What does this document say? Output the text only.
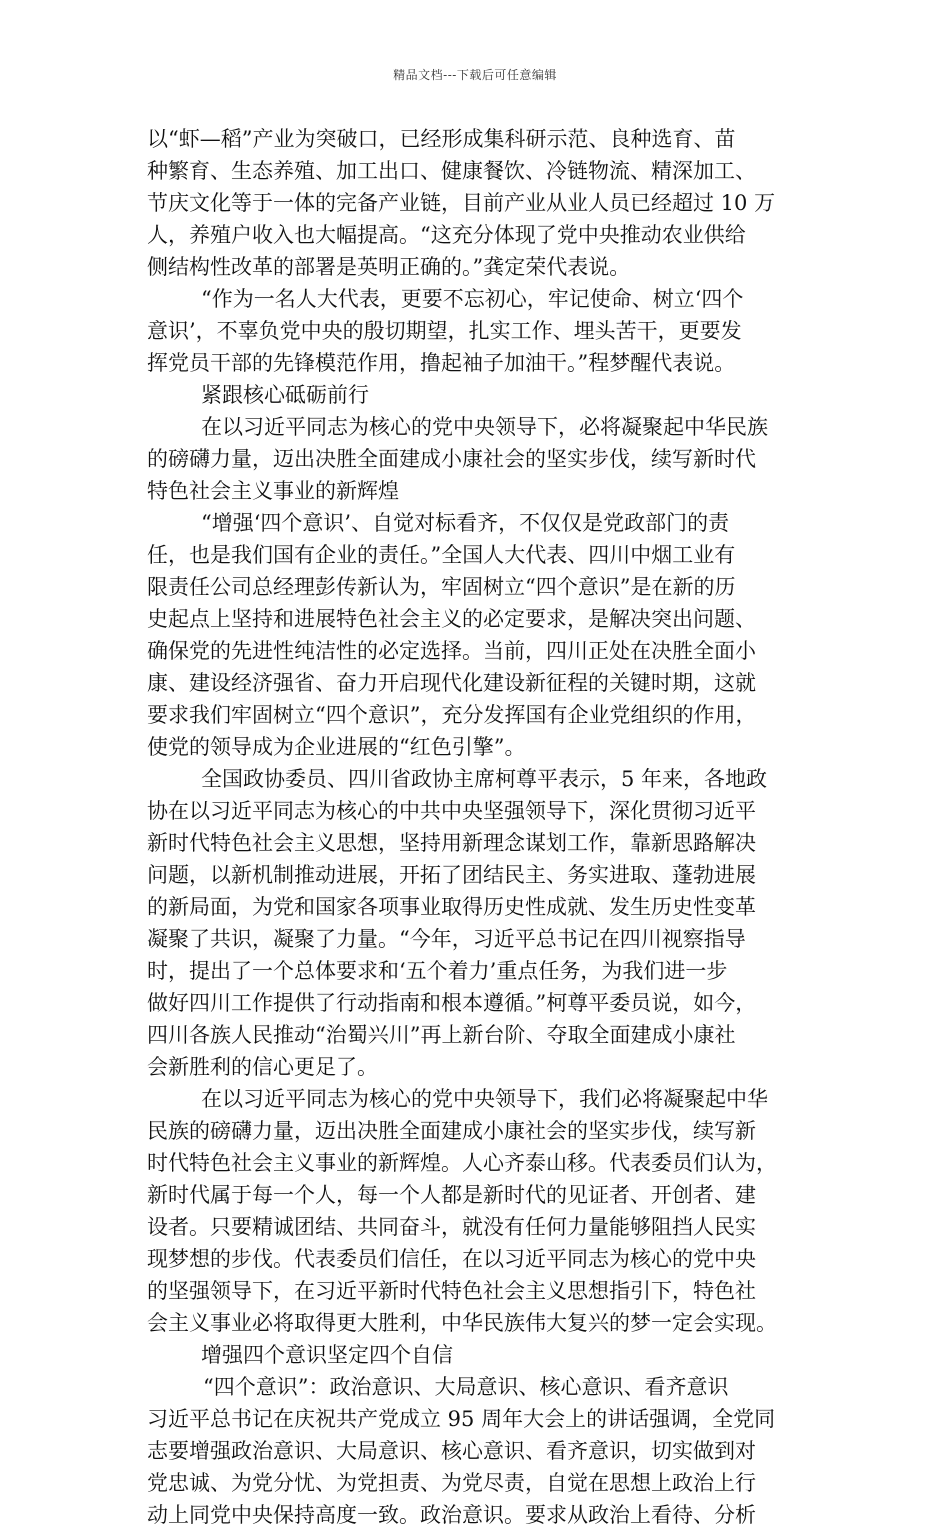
精品文档---下载后可任意编辑
以“虾—稻”产业为突破口，已经形成集科研示范、良种选育、苗
种繁育、生态养殖、加工出口、健康餐饮、冷链物流、精深加工、
节庆文化等于一体的完备产业链，目前产业从业人员已经超过 10 万
人，养殖户收入也大幅提高。“这充分体现了党中央推动农业供给
侧结构性改革的部署是英明正确的。”龚定荣代表说。
“作为一名人大代表，更要不忘初心，牢记使命、树立‘四个
意识’，不辜负党中央的殷切期望，扎实工作、埋头苦干，更要发
挥党员干部的先锋模范作用，撸起袖子加油干。”程梦醒代表说。
紧跟核心砥砺前行
在以习近平同志为核心的党中央领导下，必将凝聚起中华民族
的磅礴力量，迈出决胜全面建成小康社会的坚实步伐，续写新时代
特色社会主义事业的新辉煌
“增强‘四个意识’、自觉对标看齐，不仅仅是党政部门的责
任，也是我们国有企业的责任。”全国人大代表、四川中烟工业有
限责任公司总经理彭传新认为，牢固树立“四个意识”是在新的历
史起点上坚持和进展特色社会主义的必定要求，是解决突出问题、
确保党的先进性纯洁性的必定选择。当前，四川正处在决胜全面小
康、建设经济强省、奋力开启现代化建设新征程的关键时期，这就
要求我们牢固树立“四个意识”，充分发挥国有企业党组织的作用，
使党的领导成为企业进展的“红色引擎”。
全国政协委员、四川省政协主席柯尊平表示，5 年来，各地政
协在以习近平同志为核心的中共中央坚强领导下，深化贯彻习近平
新时代特色社会主义思想，坚持用新理念谋划工作，靠新思路解决
问题，以新机制推动进展，开拓了团结民主、务实进取、蓬勃进展
的新局面，为党和国家各项事业取得历史性成就、发生历史性变革
凝聚了共识，凝聚了力量。“今年，习近平总书记在四川视察指导
时，提出了一个总体要求和‘五个着力’重点任务，为我们进一步
做好四川工作提供了行动指南和根本遵循。”柯尊平委员说，如今，
四川各族人民推动“治蜀兴川”再上新台阶、夺取全面建成小康社
会新胜利的信心更足了。
在以习近平同志为核心的党中央领导下，我们必将凝聚起中华
民族的磅礴力量，迈出决胜全面建成小康社会的坚实步伐，续写新
时代特色社会主义事业的新辉煌。人心齐泰山移。代表委员们认为，
新时代属于每一个人，每一个人都是新时代的见证者、开创者、建
设者。只要精诚团结、共同奋斗，就没有任何力量能够阻挡人民实
现梦想的步伐。代表委员们信任，在以习近平同志为核心的党中央
的坚强领导下，在习近平新时代特色社会主义思想指引下，特色社
会主义事业必将取得更大胜利，中华民族伟大复兴的梦一定会实现。
增强四个意识坚定四个自信
“四个意识”：政治意识、大局意识、核心意识、看齐意识
习近平总书记在庆祝共产党成立 95 周年大会上的讲话强调，全党同
志要增强政治意识、大局意识、核心意识、看齐意识，切实做到对
党忠诚、为党分忧、为党担责、为党尽责，自觉在思想上政治上行
动上同党中央保持高度一致。政治意识。要求从政治上看待、分析
